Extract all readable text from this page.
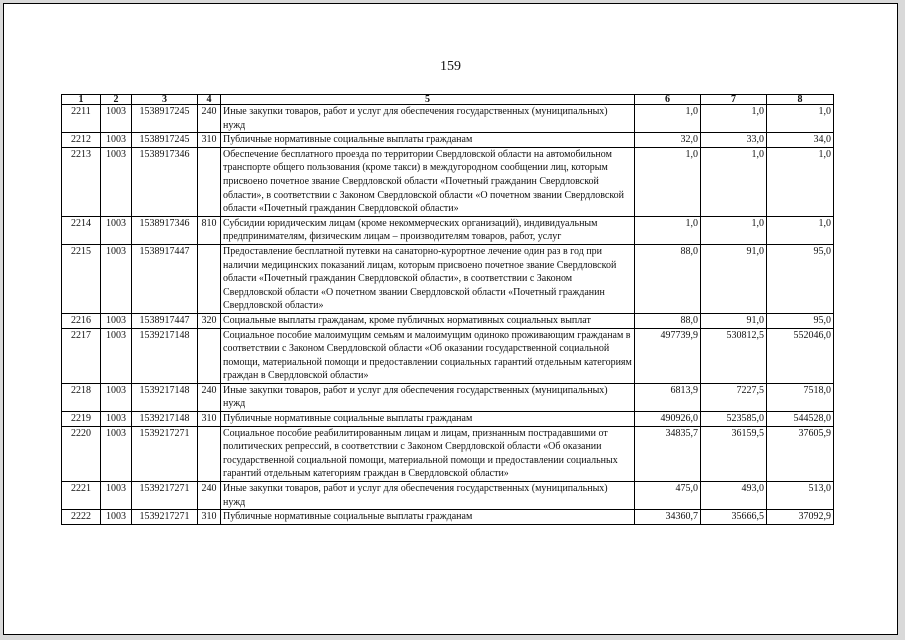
159
1	2	3	4	5	6	7	8
2211	1003	1538917245	240	Иные закупки товаров, работ и услуг для обеспечения государственных (муниципальных) нужд	1,0	1,0	1,0
2212	1003	1538917245	310	Публичные нормативные социальные выплаты гражданам	32,0	33,0	34,0
2213	1003	1538917346		Обеспечение бесплатного проезда по территории Свердловской области на автомобильном транспорте общего пользования (кроме такси) в междугородном сообщении лиц, которым присвоено почетное звание Свердловской области «Почетный гражданин Свердловской области», в соответствии с Законом Свердловской области «О почетном звании Свердловской области «Почетный гражданин Свердловской области»	1,0	1,0	1,0
2214	1003	1538917346	810	Субсидии юридическим лицам (кроме некоммерческих организаций), индивидуальным предпринимателям, физическим лицам – производителям товаров, работ, услуг	1,0	1,0	1,0
2215	1003	1538917447		Предоставление бесплатной путевки на санаторно-курортное лечение один раз в год при наличии медицинских показаний лицам, которым присвоено почетное звание Свердловской области «Почетный гражданин Свердловской области», в соответствии с Законом Свердловской области «О почетном звании Свердловской области «Почетный гражданин Свердловской области»	88,0	91,0	95,0
2216	1003	1538917447	320	Социальные выплаты гражданам, кроме публичных нормативных социальных выплат	88,0	91,0	95,0
2217	1003	1539217148		Социальное пособие малоимущим семьям и малоимущим одиноко проживающим гражданам в соответствии с Законом Свердловской области «Об оказании государственной социальной помощи, материальной помощи и предоставлении социальных гарантий отдельным категориям граждан в Свердловской области»	497739,9	530812,5	552046,0
2218	1003	1539217148	240	Иные закупки товаров, работ и услуг для обеспечения государственных (муниципальных) нужд	6813,9	7227,5	7518,0
2219	1003	1539217148	310	Публичные нормативные социальные выплаты гражданам	490926,0	523585,0	544528,0
2220	1003	1539217271		Социальное пособие реабилитированным лицам и лицам, признанным пострадавшими от политических репрессий, в соответствии с Законом Свердловской области «Об оказании государственной социальной помощи, материальной помощи и предоставлении социальных гарантий отдельным категориям граждан в Свердловской области»	34835,7	36159,5	37605,9
2221	1003	1539217271	240	Иные закупки товаров, работ и услуг для обеспечения государственных (муниципальных) нужд	475,0	493,0	513,0
2222	1003	1539217271	310	Публичные нормативные социальные выплаты гражданам	34360,7	35666,5	37092,9
